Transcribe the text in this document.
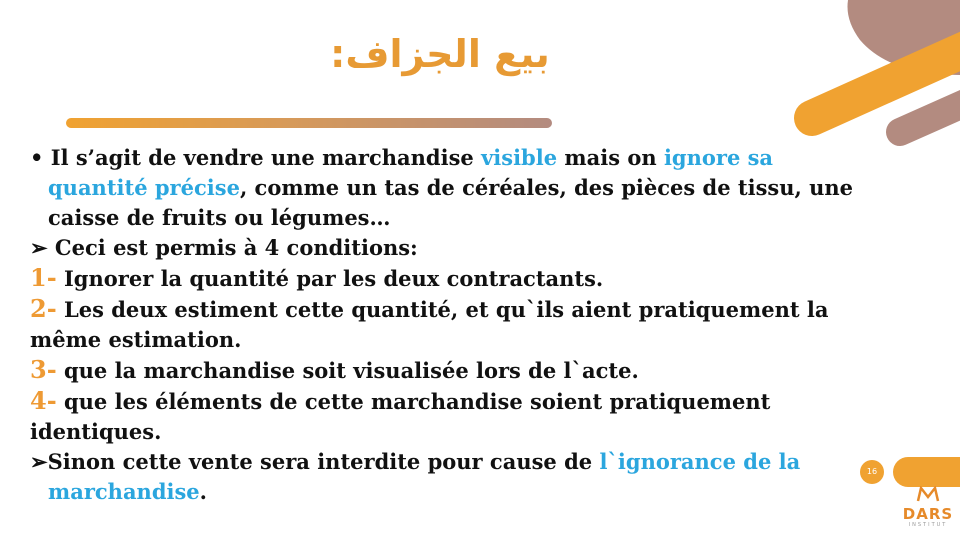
بيع الجزاف:
• Il s’agit de vendre une marchandise visible mais on ignore sa
quantité précise, comme un tas de céréales, des pièces de tissu, une
caisse de fruits ou légumes…
➢ Ceci est permis à 4 conditions:
1- Ignorer la quantité par les deux contractants.
2- Les deux estiment cette quantité, et qu`ils aient pratiquement la
même estimation.
3- que la marchandise soit visualisée lors de l`acte.
4- que les éléments de cette marchandise soient pratiquement
identiques.
➢Sinon cette vente sera interdite pour cause de l`ignorance de la
marchandise.
16
DARS
INSTITUT
